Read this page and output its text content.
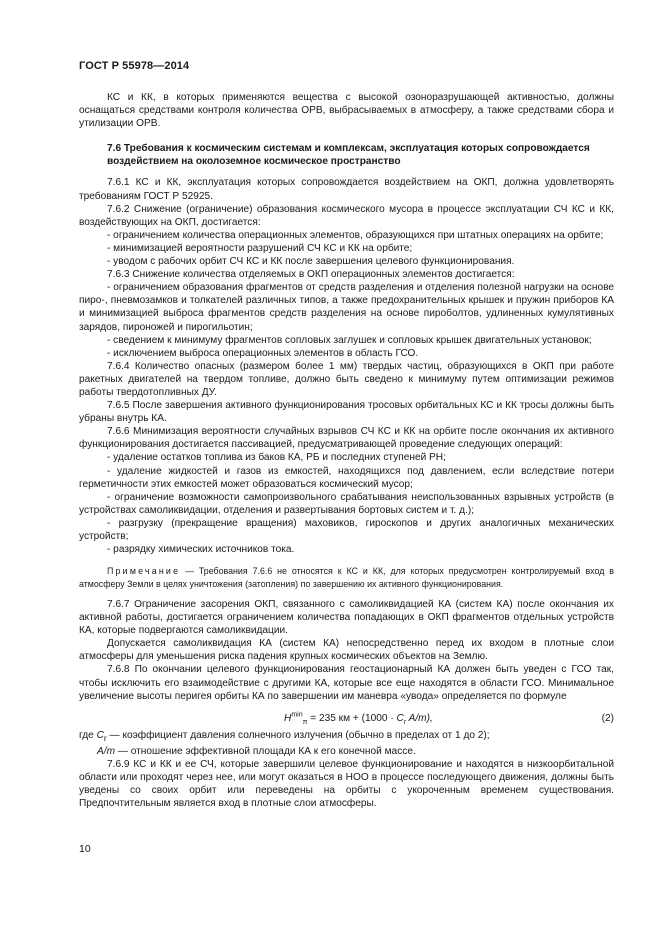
ГОСТ Р 55978—2014

КС и КК, в которых применяются вещества с высокой озоноразрушающей активностью, должны оснащаться средствами контроля количества ОРВ, выбрасываемых в атмосферу, а также средствами сбора и утилизации ОРВ.

7.6 Требования к космическим системам и комплексам, эксплуатация которых сопровождается воздействием на околоземное космическое пространство

7.6.1 КС и КК, эксплуатация которых сопровождается воздействием на ОКП, должна удовлетворять требованиям ГОСТ Р 52925.

7.6.2 Снижение (ограничение) образования космического мусора в процессе эксплуатации СЧ КС и КК, воздействующих на ОКП, достигается:

- ограничением количества операционных элементов, образующихся при штатных операциях на орбите;

- минимизацией вероятности разрушений СЧ КС и КК на орбите;

- уводом с рабочих орбит СЧ КС и КК после завершения целевого функционирования.

7.6.3 Снижение количества отделяемых в ОКП операционных элементов достигается:

- ограничением образования фрагментов от средств разделения и отделения полезной нагрузки на основе пиро-, пневмозамков и толкателей различных типов, а также предохранительных крышек и пружин приборов КА и минимизацией выброса фрагментов средств разделения на основе пироболтов, удлиненных кумулятивных зарядов, пироножей и пирогильотин;

- сведением к минимуму фрагментов сопловых заглушек и сопловых крышек двигательных установок;

- исключением выброса операционных элементов в область ГСО.

7.6.4 Количество опасных (размером более 1 мм) твердых частиц, образующихся в ОКП при работе ракетных двигателей на твердом топливе, должно быть сведено к минимуму путем оптимизации режимов работы твердотопливных ДУ.

7.6.5 После завершения активного функционирования тросовых орбитальных КС и КК тросы должны быть убраны внутрь КА.

7.6.6 Минимизация вероятности случайных взрывов СЧ КС и КК на орбите после окончания их активного функционирования достигается пассивацией, предусматривающей проведение следующих операций:

- удаление остатков топлива из баков КА, РБ и последних ступеней РН;

- удаление жидкостей и газов из емкостей, находящихся под давлением, если вследствие потери герметичности этих емкостей может образоваться космический мусор;

- ограничение возможности самопроизвольного срабатывания неиспользованных взрывных устройств (в устройствах самоликвидации, отделения и развертывания бортовых систем и т. д.);

- разгрузку (прекращение вращения) маховиков, гироскопов и других аналогичных механических устройств;

- разрядку химических источников тока.

Примечание — Требования 7.6.6 не относятся к КС и КК, для которых предусмотрен контролируемый вход в атмосферу Земли в целях уничтожения (затопления) по завершению их активного функционирования.

7.6.7 Ограничение засорения ОКП, связанного с самоликвидацией КА (систем КА) после окончания их активной работы, достигается ограничением количества попадающих в ОКП фрагментов отдельных устройств КА, которые подвергаются самоликвидации.

Допускается самоликвидация КА (систем КА) непосредственно перед их входом в плотные слои атмосферы для уменьшения риска падения крупных космических объектов на Землю.

7.6.8 По окончании целевого функционирования геостационарный КА должен быть уведен с ГСО так, чтобы исключить его взаимодействие с другими КА, которые все еще находятся в области ГСО. Минимальное увеличение высоты перигея орбиты КА по завершении им маневра «увода» определяется по формуле

$H^{min}_\pi = 235$ км + ($1000 \cdot C_r$ A/m),	(2)

где $C_r$ — коэффициент давления солнечного излучения (обычно в пределах от 1 до 2);

A/m — отношение эффективной площади КА к его конечной массе.

7.6.9 КС и КК и ее СЧ, которые завершили целевое функционирование и находятся в низкоорбитальной области или проходят через нее, или могут оказаться в НОО в процессе последующего движения, должны быть уведены со своих орбит или переведены на орбиты с укороченным временем существования. Предпочтительным является вход в плотные слои атмосферы.

10
